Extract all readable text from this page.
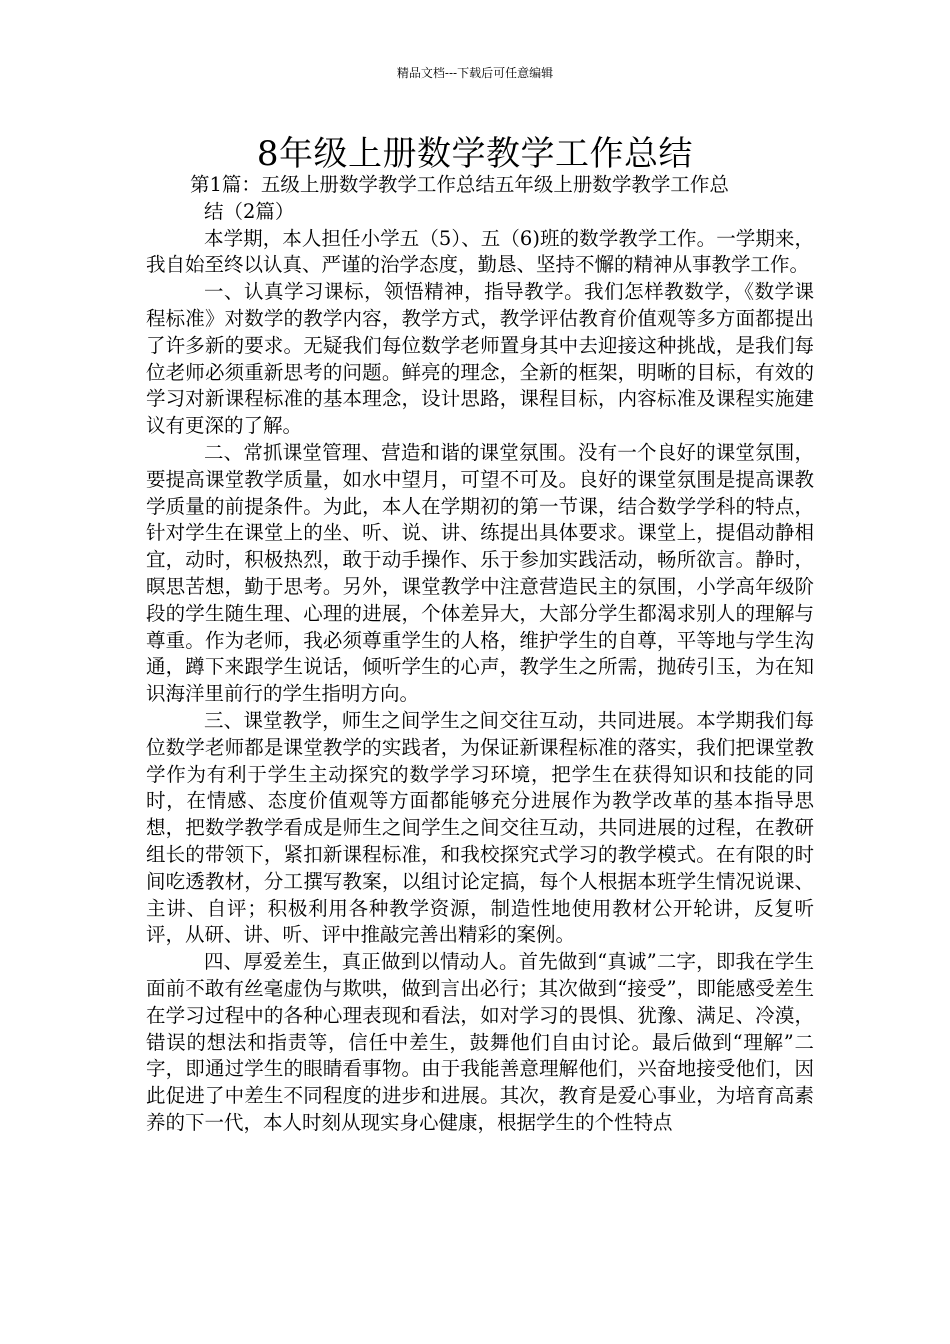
精品文档---下载后可任意编辑
8年级上册数学教学工作总结

第1篇：五级上册数学教学工作总结五年级上册数学教学工作总

结（2篇）

本学期，本人担任小学五（5）、五（6)班的数学教学工作。一学期来，我自始至终以认真、严谨的治学态度，勤恳、坚持不懈的精神从事教学工作。

一、认真学习课标，领悟精神，指导教学。我们怎样教数学，《数学课程标准》对数学的教学内容，教学方式，教学评估教育价值观等多方面都提出了许多新的要求。无疑我们每位数学老师置身其中去迎接这种挑战，是我们每位老师必须重新思考的问题。鲜亮的理念，全新的框架，明晰的目标，有效的学习对新课程标准的基本理念，设计思路，课程目标，内容标准及课程实施建议有更深的了解。

二、常抓课堂管理、营造和谐的课堂氛围。没有一个良好的课堂氛围，要提高课堂教学质量，如水中望月，可望不可及。良好的课堂氛围是提高课教学质量的前提条件。为此，本人在学期初的第一节课，结合数学学科的特点，针对学生在课堂上的坐、听、说、讲、练提出具体要求。课堂上，提倡动静相宜，动时，积极热烈，敢于动手操作、乐于参加实践活动，畅所欲言。静时，暝思苦想，勤于思考。另外，课堂教学中注意营造民主的氛围，小学高年级阶段的学生随生理、心理的进展，个体差异大，大部分学生都渴求别人的理解与尊重。作为老师，我必须尊重学生的人格，维护学生的自尊，平等地与学生沟通，蹲下来跟学生说话，倾听学生的心声，教学生之所需，抛砖引玉，为在知识海洋里前行的学生指明方向。

三、课堂教学，师生之间学生之间交往互动，共同进展。本学期我们每位数学老师都是课堂教学的实践者，为保证新课程标准的落实，我们把课堂教学作为有利于学生主动探究的数学学习环境，把学生在获得知识和技能的同时，在情感、态度价值观等方面都能够充分进展作为教学改革的基本指导思想，把数学教学看成是师生之间学生之间交往互动，共同进展的过程，在教研组长的带领下，紧扣新课程标准，和我校探究式学习的教学模式。在有限的时间吃透教材，分工撰写教案，以组讨论定搞，每个人根据本班学生情况说课、主讲、自评；积极利用各种教学资源，制造性地使用教材公开轮讲，反复听评，从研、讲、听、评中推敲完善出精彩的案例。

四、厚爱差生，真正做到以情动人。首先做到“真诚”二字，即我在学生面前不敢有丝毫虚伪与欺哄，做到言出必行；其次做到“接受”，即能感受差生在学习过程中的各种心理表现和看法，如对学习的畏惧、犹豫、满足、冷漠，错误的想法和指责等，信任中差生，鼓舞他们自由讨论。最后做到“理解”二字，即通过学生的眼睛看事物。由于我能善意理解他们，兴奋地接受他们，因此促进了中差生不同程度的进步和进展。其次，教育是爱心事业，为培育高素养的下一代，本人时刻从现实身心健康，根据学生的个性特点
